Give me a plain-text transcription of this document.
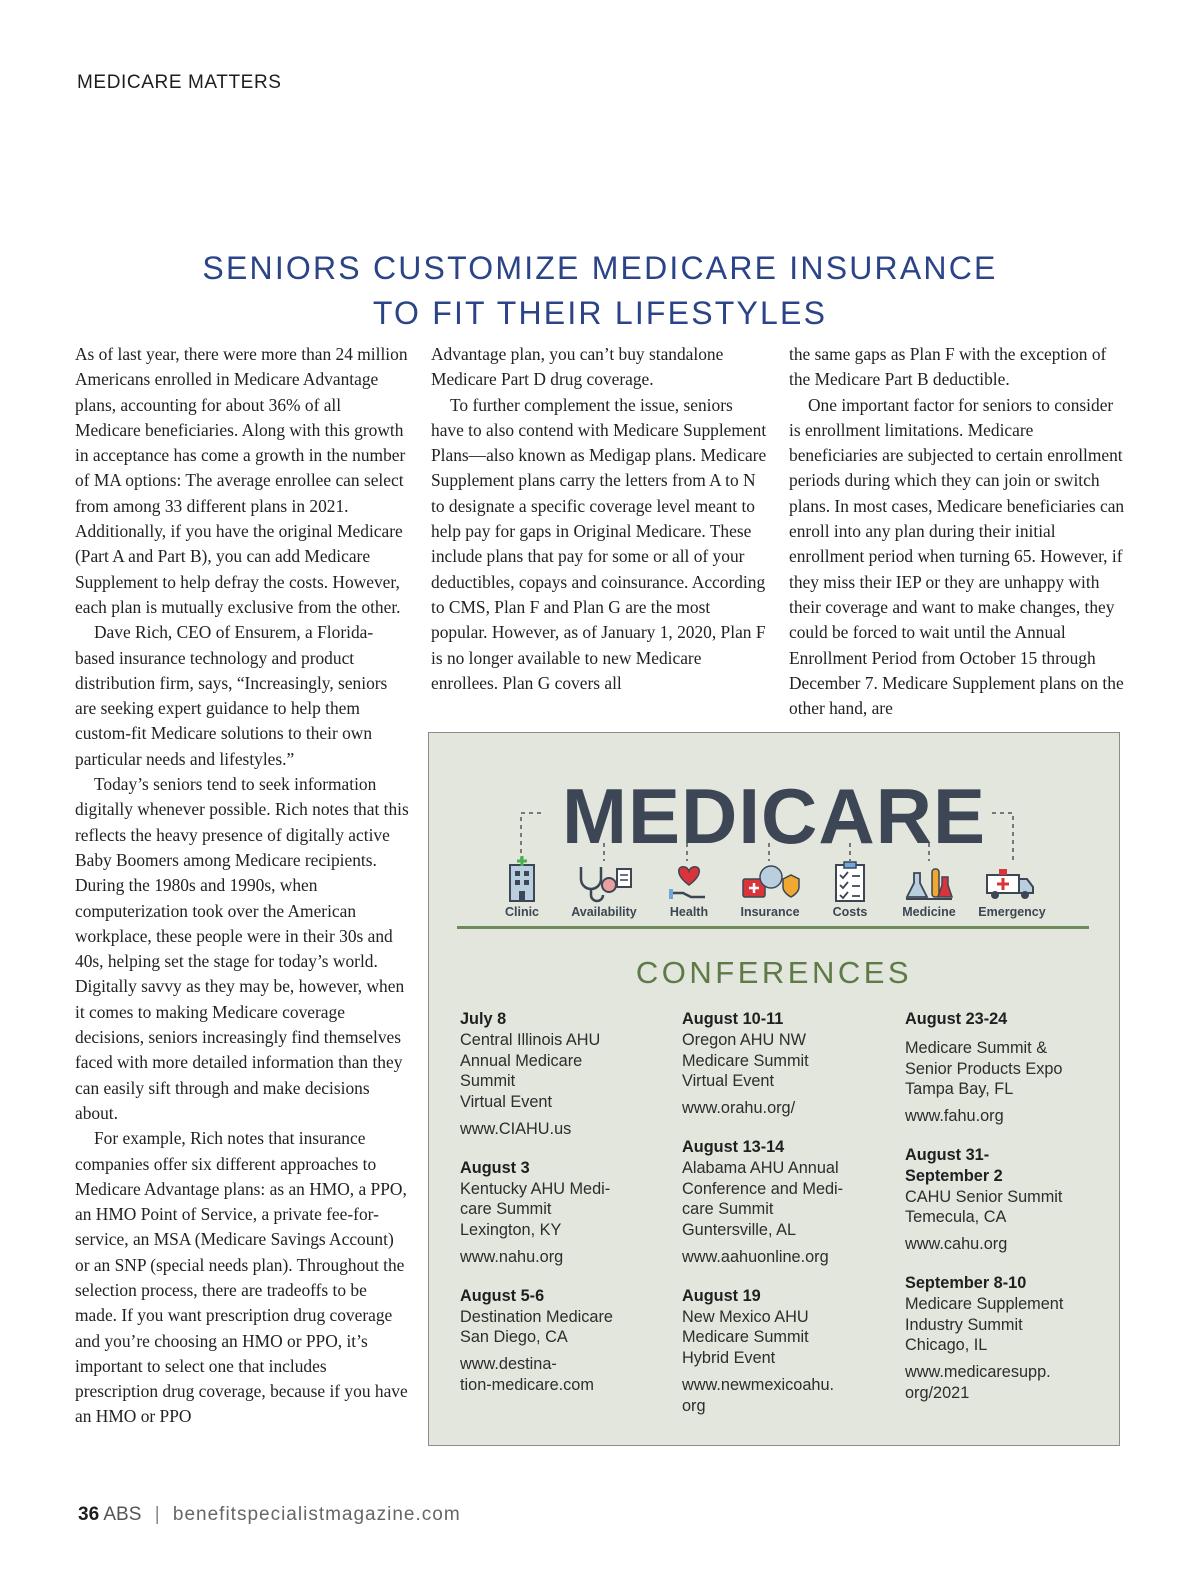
MEDICARE MATTERS
SENIORS CUSTOMIZE MEDICARE INSURANCE
TO FIT THEIR LIFESTYLES

As of last year, there were more than 24 million Americans enrolled in Medicare Advantage plans, accounting for about 36% of all Medicare beneficiaries. Along with this growth in acceptance has come a growth in the number of MA options: The average enrollee can select from among 33 different plans in 2021. Additionally, if you have the original Medicare (Part A and Part B), you can add Medicare Supplement to help defray the costs. However, each plan is mutually exclusive from the other.

Dave Rich, CEO of Ensurem, a Florida-based insurance technology and product distribution firm, says, “Increasingly, seniors are seeking expert guidance to help them custom-fit Medicare solutions to their own particular needs and lifestyles.”

Today’s seniors tend to seek information digitally whenever possible. Rich notes that this reflects the heavy presence of digitally active Baby Boomers among Medicare recipients. During the 1980s and 1990s, when computerization took over the American workplace, these people were in their 30s and 40s, helping set the stage for today’s world. Digitally savvy as they may be, however, when it comes to making Medicare coverage decisions, seniors increasingly find themselves faced with more detailed information than they can easily sift through and make decisions about.

For example, Rich notes that insurance companies offer six different approaches to Medicare Advantage plans: as an HMO, a PPO, an HMO Point of Service, a private fee-for-service, an MSA (Medicare Savings Account) or an SNP (special needs plan). Throughout the selection process, there are tradeoffs to be made. If you want prescription drug coverage and you’re choosing an HMO or PPO, it’s important to select one that includes prescription drug coverage, because if you have an HMO or PPO

Advantage plan, you can’t buy standalone Medicare Part D drug coverage.

To further complement the issue, seniors have to also contend with Medicare Supplement Plans—also known as Medigap plans. Medicare Supplement plans carry the letters from A to N to designate a specific coverage level meant to help pay for gaps in Original Medicare. These include plans that pay for some or all of your deductibles, copays and coinsurance. According to CMS, Plan F and Plan G are the most popular. However, as of January 1, 2020, Plan F is no longer available to new Medicare enrollees. Plan G covers all

the same gaps as Plan F with the exception of the Medicare Part B deductible.

One important factor for seniors to consider is enrollment limitations. Medicare beneficiaries are subjected to certain enrollment periods during which they can join or switch plans. In most cases, Medicare beneficiaries can enroll into any plan during their initial enrollment period when turning 65. However, if they miss their IEP or they are unhappy with their coverage and want to make changes, they could be forced to wait until the Annual Enrollment Period from October 15 through December 7. Medicare Supplement plans on the other hand, are

MEDICARE
Clinic	Availability	Health	Insurance	Costs	Medicine	Emergency
CONFERENCES
July 8
Central Illinois AHU
Annual Medicare
Summit
Virtual Event
www.CIAHU.us
August 3
Kentucky AHU Medi-
care Summit
Lexington, KY
www.nahu.org
August 5-6
Destination Medicare
San Diego, CA
www.destina-
tion-medicare.com
August 10-11
Oregon AHU NW
Medicare Summit
Virtual Event
www.orahu.org/
August 13-14
Alabama AHU Annual
Conference and Medi-
care Summit
Guntersville, AL
www.aahuonline.org
August 19
New Mexico AHU
Medicare Summit
Hybrid Event
www.newmexicoahu.
org
August 23-24
Medicare Summit &
Senior Products Expo
Tampa Bay, FL
www.fahu.org
August 31-
September 2
CAHU Senior Summit
Temecula, CA
www.cahu.org
September 8-10
Medicare Supplement
Industry Summit
Chicago, IL
www.medicaresupp.
org/2021
36 ABS | benefitspecialistmagazine.com
